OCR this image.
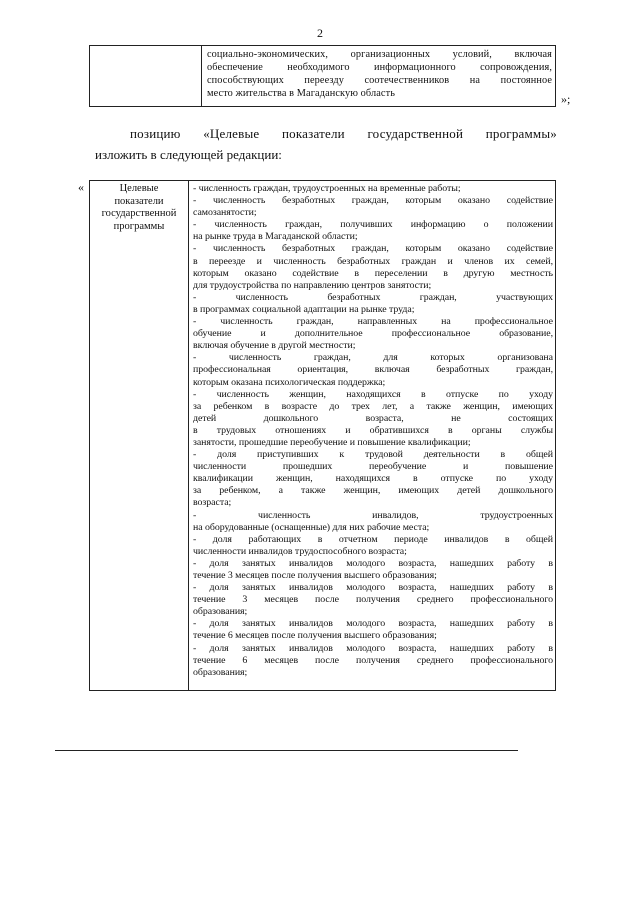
2
социально-экономических, организационных условий, включая
обеспечение необходимого информационного сопровождения,
способствующих переезду соотечественников на постоянное
место жительства в Магаданскую область	»;
позицию «Целевые показатели государственной программы»
изложить в следующей редакции:
«	Целевые
показатели
государственной
программы
- численность граждан, трудоустроенных на временные работы;
- численность безработных граждан, которым оказано содействие
самозанятости;
- численность граждан, получивших информацию о положении
на рынке труда в Магаданской области;
- численность безработных граждан, которым оказано содействие
в переезде и численность безработных граждан и членов их семей,
которым оказано содействие в переселении в другую местность
для трудоустройства по направлению центров занятости;
- численность безработных граждан, участвующих
в программах социальной адаптации на рынке труда;
- численность граждан, направленных на профессиональное
обучение и дополнительное профессиональное образование,
включая обучение в другой местности;
- численность граждан, для которых организована
профессиональная ориентация, включая безработных граждан,
которым оказана психологическая поддержка;
- численность женщин, находящихся в отпуске по уходу
за ребенком в возрасте до трех лет, а также женщин, имеющих
детей дошкольного возраста, не состоящих
в трудовых отношениях и обратившихся в органы службы
занятости, прошедшие переобучение и повышение квалификации;
- доля приступивших к трудовой деятельности в общей
численности прошедших переобучение и повышение
квалификации женщин, находящихся в отпуске по уходу
за ребенком, а также женщин, имеющих детей дошкольного
возраста;
- численность инвалидов, трудоустроенных
на оборудованные (оснащенные) для них рабочие места;
- доля работающих в отчетном периоде инвалидов в общей
численности инвалидов трудоспособного возраста;
- доля занятых инвалидов молодого возраста, нашедших работу в
течение 3 месяцев после получения высшего образования;
- доля занятых инвалидов молодого возраста, нашедших работу в
течение 3 месяцев после получения среднего профессионального
образования;
- доля занятых инвалидов молодого возраста, нашедших работу в
течение 6 месяцев после получения высшего образования;
- доля занятых инвалидов молодого возраста, нашедших работу в
течение 6 месяцев после получения среднего профессионального
образования;
